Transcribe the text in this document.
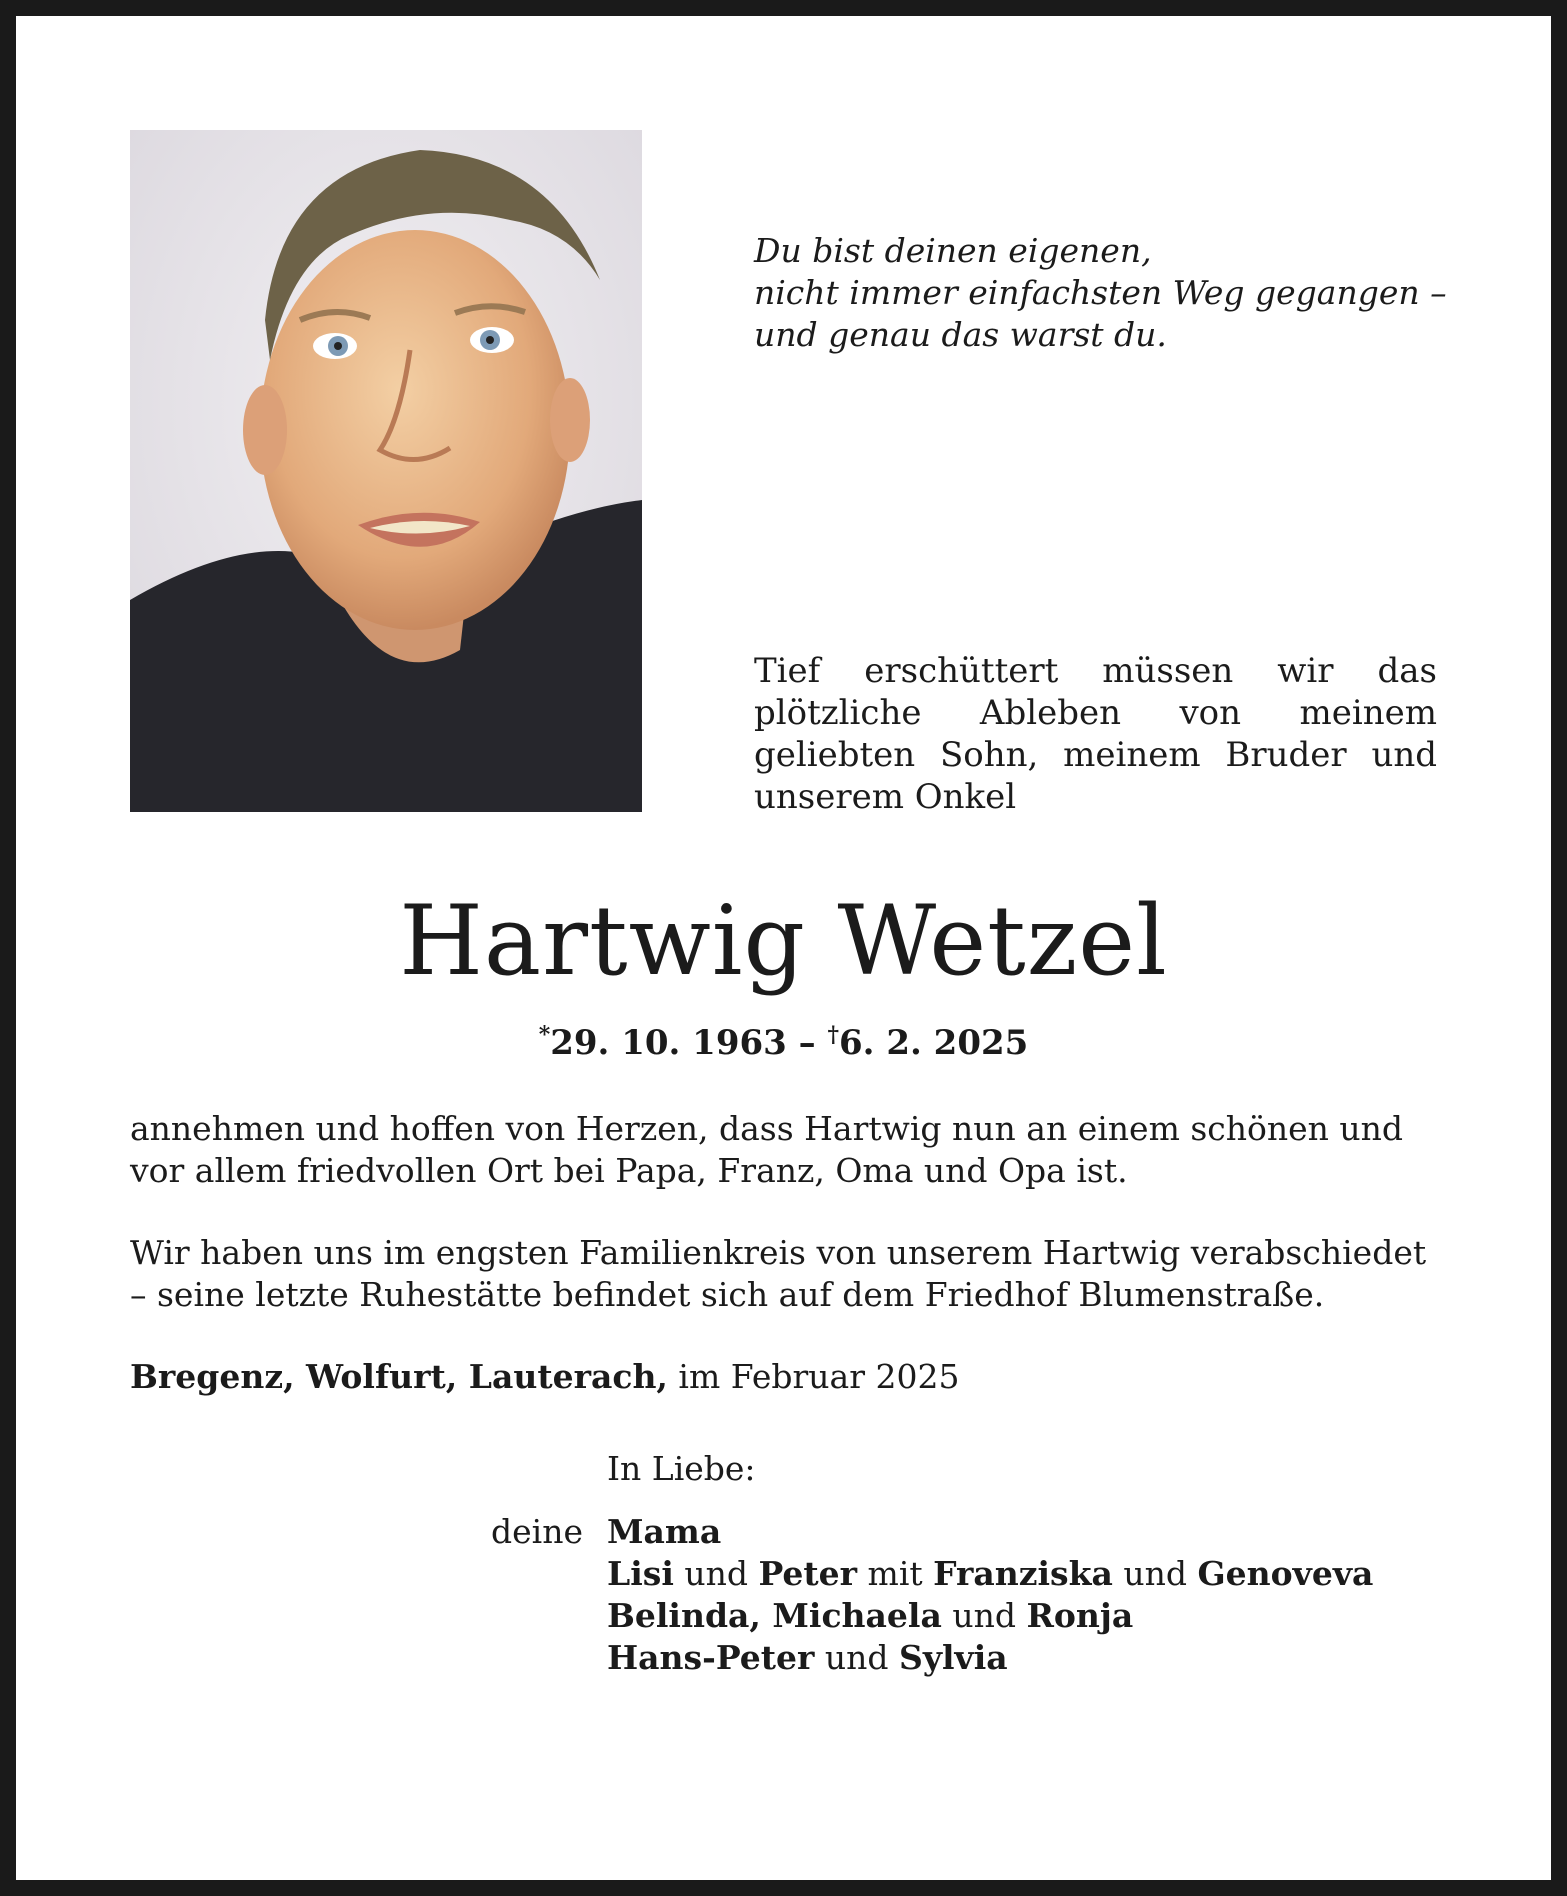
Du bist deinen eigenen,
nicht immer einfachsten Weg gegangen –
und genau das warst du.
Tief erschüttert müssen wir das plötzliche Ableben von meinem geliebten Sohn, meinem Bruder und unserem Onkel
Hartwig Wetzel
*29. 10. 1963 – †6. 2. 2025

annehmen und hoffen von Herzen, dass Hartwig nun an einem schönen und
vor allem friedvollen Ort bei Papa, Franz, Oma und Opa ist.

Wir haben uns im engsten Familienkreis von unserem Hartwig verabschiedet
– seine letzte Ruhestätte befindet sich auf dem Friedhof Blumenstraße.

Bregenz, Wolfurt, Lauterach, im Februar 2025

In Liebe:
deine Mama
Lisi und Peter mit Franziska und Genoveva
Belinda, Michaela und Ronja
Hans-Peter und Sylvia
